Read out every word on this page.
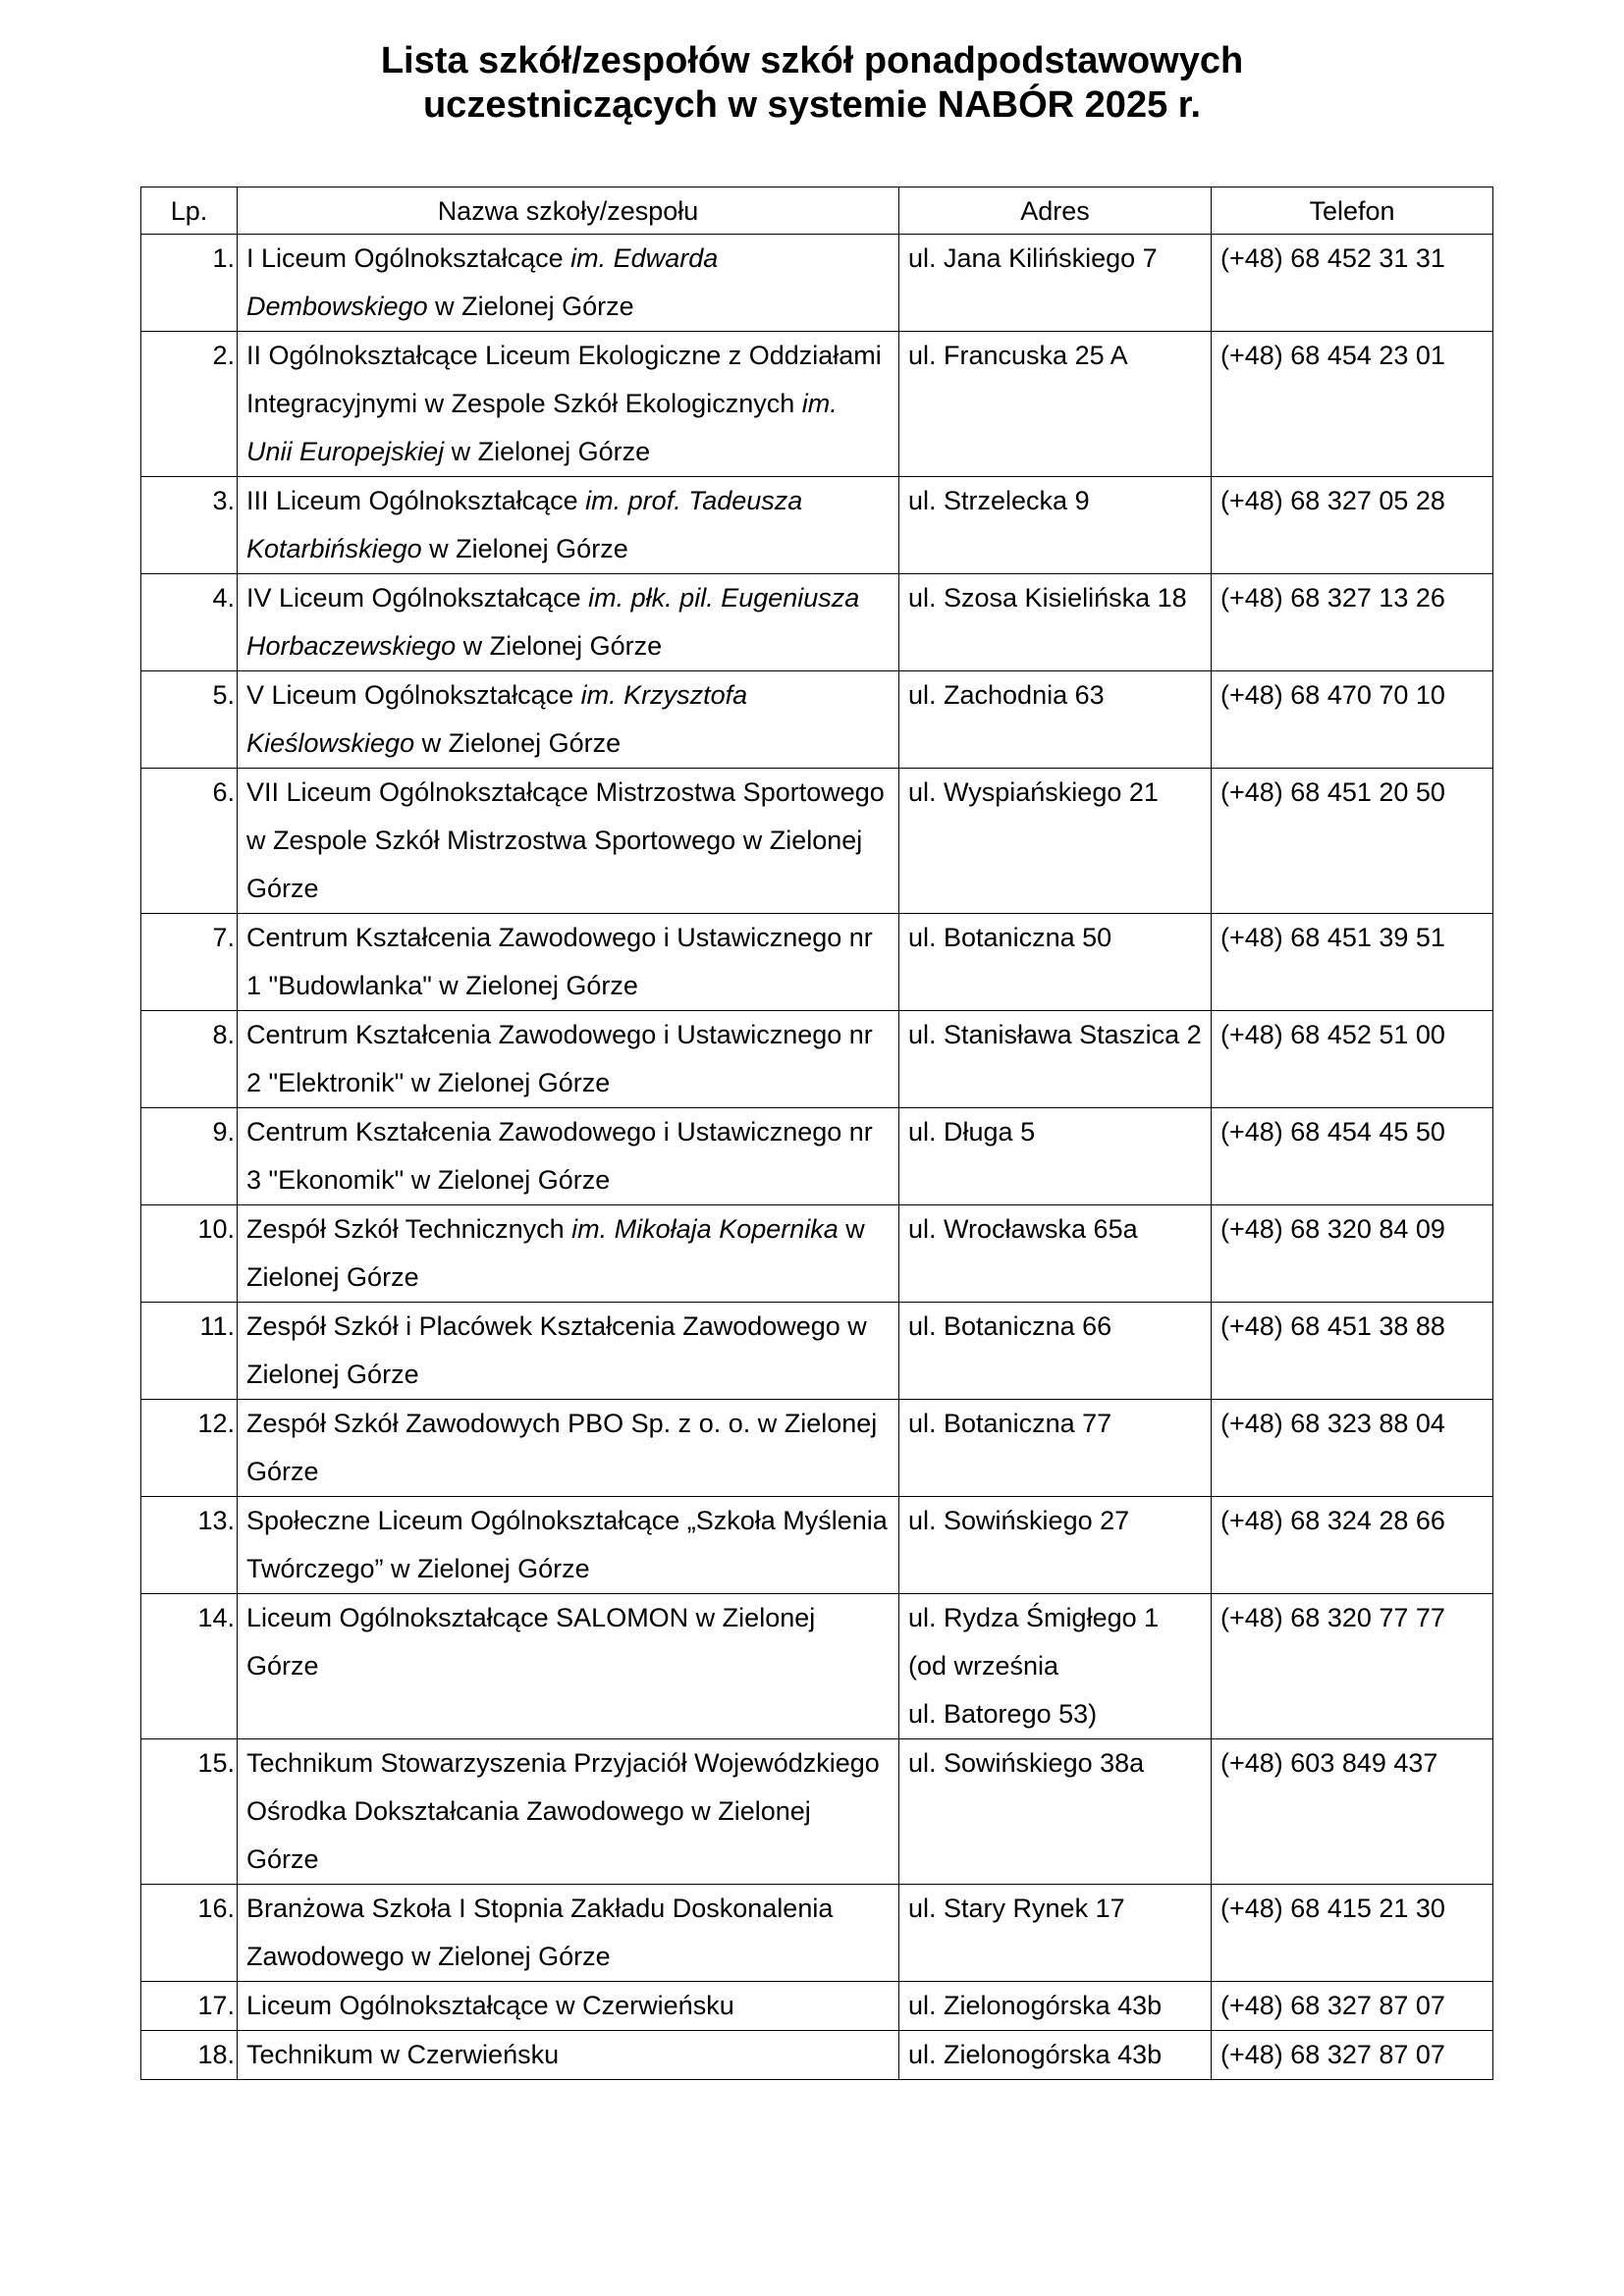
Lista szkół/zespołów szkół ponadpodstawowych
uczestniczących w systemie NABÓR 2025 r.
Lp.	Nazwa szkoły/zespołu	Adres	Telefon
1.	I Liceum Ogólnokształcące im. Edwarda Dembowskiego w Zielonej Górze	ul. Jana Kilińskiego 7	(+48) 68 452 31 31
2.	II Ogólnokształcące Liceum Ekologiczne z Oddziałami Integracyjnymi w Zespole Szkół Ekologicznych im. Unii Europejskiej w Zielonej Górze	ul. Francuska 25 A	(+48) 68 454 23 01
3.	III Liceum Ogólnokształcące im. prof. Tadeusza Kotarbińskiego w Zielonej Górze	ul. Strzelecka 9	(+48) 68 327 05 28
4.	IV Liceum Ogólnokształcące im. płk. pil. Eugeniusza Horbaczewskiego w Zielonej Górze	ul. Szosa Kisielińska 18	(+48) 68 327 13 26
5.	V Liceum Ogólnokształcące im. Krzysztofa Kieślowskiego w Zielonej Górze	ul. Zachodnia 63	(+48) 68 470 70 10
6.	VII Liceum Ogólnokształcące Mistrzostwa Sportowego w Zespole Szkół Mistrzostwa Sportowego w Zielonej Górze	ul. Wyspiańskiego 21	(+48) 68 451 20 50
7.	Centrum Kształcenia Zawodowego i Ustawicznego nr 1 "Budowlanka" w Zielonej Górze	ul. Botaniczna 50	(+48) 68 451 39 51
8.	Centrum Kształcenia Zawodowego i Ustawicznego nr 2 "Elektronik" w Zielonej Górze	ul. Stanisława Staszica 2	(+48) 68 452 51 00
9.	Centrum Kształcenia Zawodowego i Ustawicznego nr 3 "Ekonomik" w Zielonej Górze	ul. Długa 5	(+48) 68 454 45 50
10.	Zespół Szkół Technicznych im. Mikołaja Kopernika w Zielonej Górze	ul. Wrocławska 65a	(+48) 68 320 84 09
11.	Zespół Szkół i Placówek Kształcenia Zawodowego w Zielonej Górze	ul. Botaniczna 66	(+48) 68 451 38 88
12.	Zespół Szkół Zawodowych PBO Sp. z o. o. w Zielonej Górze	ul. Botaniczna 77	(+48) 68 323 88 04
13.	Społeczne Liceum Ogólnokształcące „Szkoła Myślenia Twórczego” w Zielonej Górze	ul. Sowińskiego 27	(+48) 68 324 28 66
14.	Liceum Ogólnokształcące SALOMON w Zielonej Górze	ul. Rydza Śmigłego 1
(od września
ul. Batorego 53)	(+48) 68 320 77 77
15.	Technikum Stowarzyszenia Przyjaciół Wojewódzkiego Ośrodka Dokształcania Zawodowego w Zielonej Górze	ul. Sowińskiego 38a	(+48) 603 849 437
16.	Branżowa Szkoła I Stopnia Zakładu Doskonalenia Zawodowego w Zielonej Górze	ul. Stary Rynek 17	(+48) 68 415 21 30
17.	Liceum Ogólnokształcące w Czerwieńsku	ul. Zielonogórska 43b	(+48) 68 327 87 07
18.	Technikum w Czerwieńsku	ul. Zielonogórska 43b	(+48) 68 327 87 07
